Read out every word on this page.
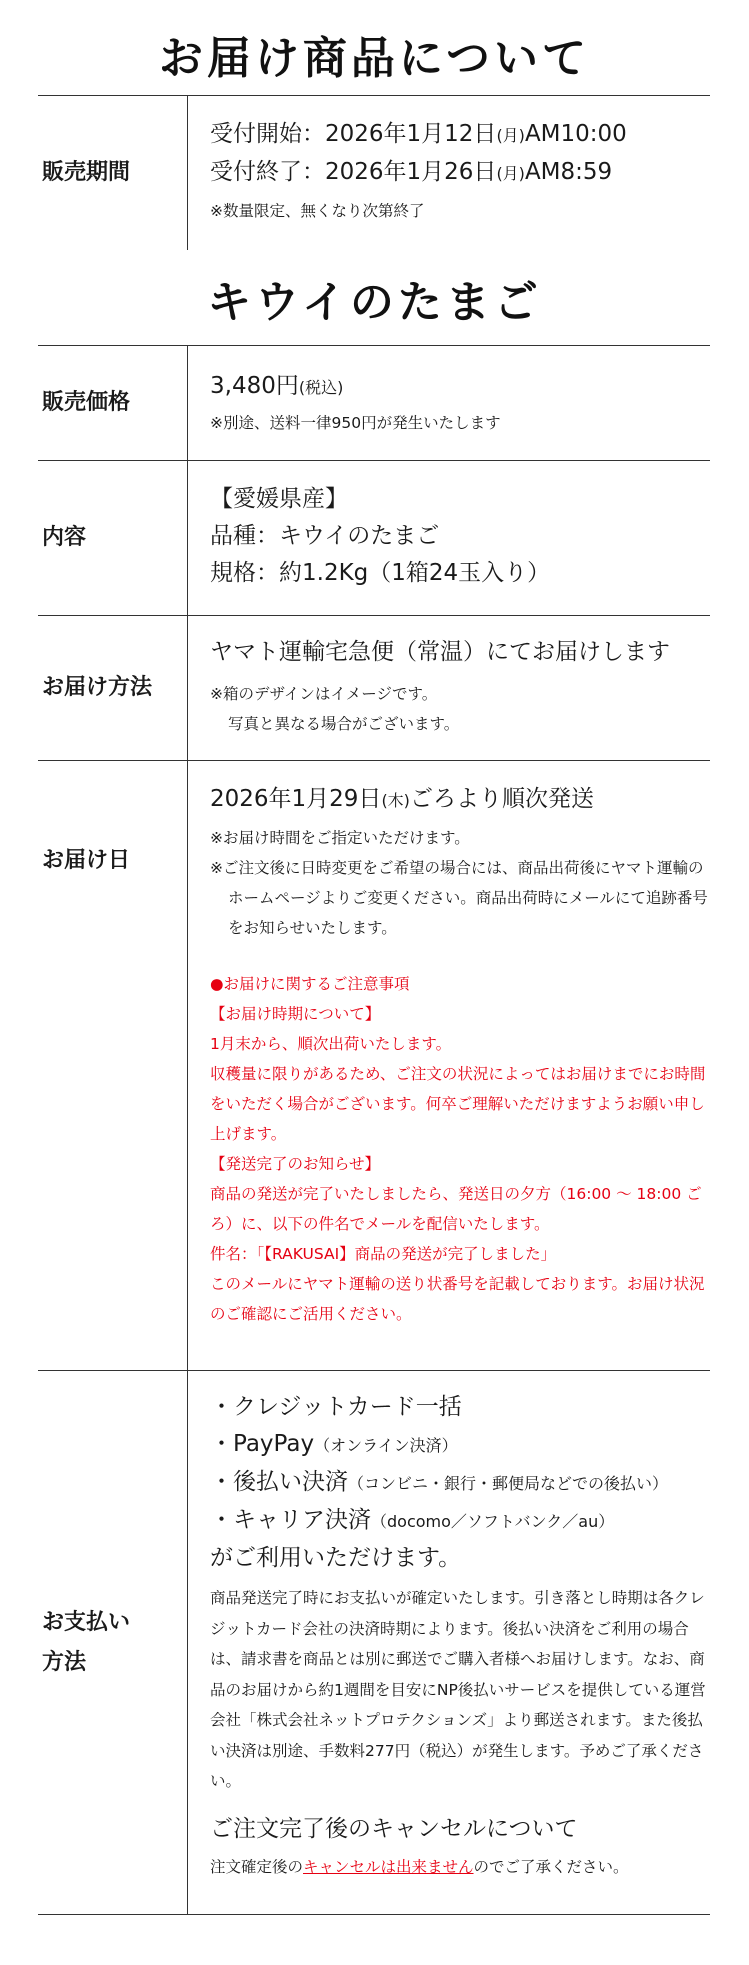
お届け商品について
販売期間
受付開始：2026年1月12日(月)AM10:00
受付終了：2026年1月26日(月)AM8:59
※数量限定、無くなり次第終了
キウイのたまご
販売価格
3,480円(税込)
※別途、送料一律950円が発生いたします
内容
【愛媛県産】
品種：キウイのたまご
規格：約1.2Kg（1箱24玉入り）
お届け方法
ヤマト運輸宅急便（常温）にてお届けします
※箱のデザインはイメージです。
写真と異なる場合がございます。
お届け日
2026年1月29日(木)ごろより順次発送
※お届け時間をご指定いただけます。
※ご注文後に日時変更をご希望の場合には、商品出荷後にヤマト運輸のホームページよりご変更ください。商品出荷時にメールにて追跡番号をお知らせいたします。
●お届けに関するご注意事項
【お届け時期について】
1月末から、順次出荷いたします。
収穫量に限りがあるため、ご注文の状況によってはお届けまでにお時間をいただく場合がございます。何卒ご理解いただけますようお願い申し上げます。
【発送完了のお知らせ】
商品の発送が完了いたしましたら、発送日の夕方（16:00 〜 18:00 ごろ）に、以下の件名でメールを配信いたします。
件名：「【RAKUSAI】商品の発送が完了しました」
このメールにヤマト運輸の送り状番号を記載しております。お届け状況のご確認にご活用ください。
お支払い
方法
・クレジットカード一括
・PayPay（オンライン決済）
・後払い決済（コンビニ・銀行・郵便局などでの後払い）
・キャリア決済（docomo／ソフトバンク／au）
がご利用いただけます。
商品発送完了時にお支払いが確定いたします。引き落とし時期は各クレジットカード会社の決済時期によります。後払い決済をご利用の場合は、請求書を商品とは別に郵送でご購入者様へお届けします。なお、商品のお届けから約1週間を目安にNP後払いサービスを提供している運営会社「株式会社ネットプロテクションズ」より郵送されます。また後払い決済は別途、手数料277円（税込）が発生します。予めご了承ください。
ご注文完了後のキャンセルについて
注文確定後のキャンセルは出来ませんのでご了承ください。
